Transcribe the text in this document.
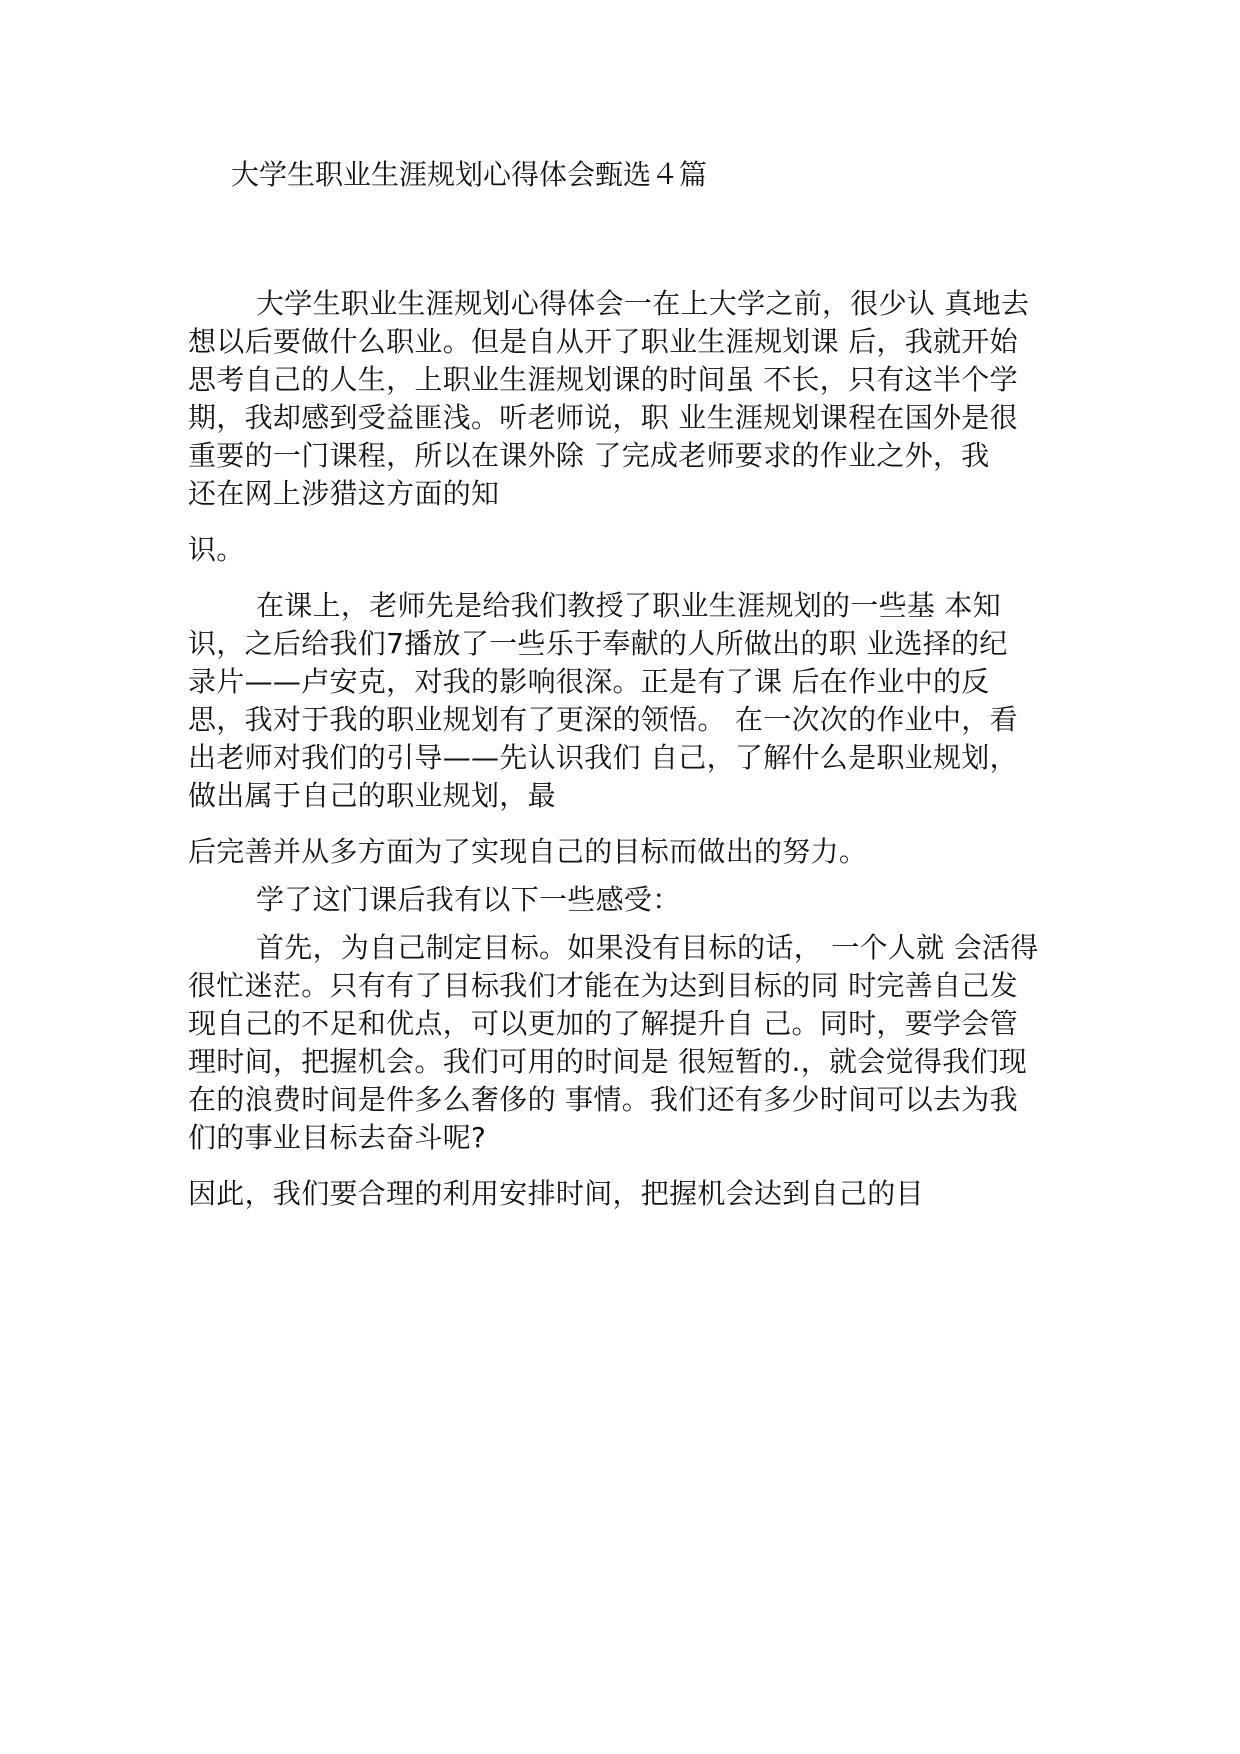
大学生职业生涯规划心得体会甄选４篇
大学生职业生涯规划心得体会一在上大学之前，很少认 真地去
想以后要做什么职业。但是自从开了职业生涯规划课 后，我就开始
思考自己的人生，上职业生涯规划课的时间虽 不长，只有这半个学
期，我却感到受益匪浅。听老师说，职 业生涯规划课程在国外是很
重要的一门课程，所以在课外除 了完成老师要求的作业之外，我
还在网上涉猎这方面的知
识。
在课上，老师先是给我们教授了职业生涯规划的一些基 本知
识，之后给我们7播放了一些乐于奉献的人所做出的职 业选择的纪
录片——卢安克，对我的影响很深。正是有了课 后在作业中的反
思，我对于我的职业规划有了更深的领悟。 在一次次的作业中，看
出老师对我们的引导——先认识我们 自己，了解什么是职业规划，
做出属于自己的职业规划，最
后完善并从多方面为了实现自己的目标而做出的努力。
学了这门课后我有以下一些感受：
首先，为自己制定目标。如果没有目标的话， 一个人就 会活得
很忙迷茫。只有有了目标我们才能在为达到目标的同 时完善自己发
现自己的不足和优点，可以更加的了解提升自 己。同时，要学会管
理时间，把握机会。我们可用的时间是 很短暂的.，就会觉得我们现
在的浪费时间是件多么奢侈的 事情。我们还有多少时间可以去为我
们的事业目标去奋斗呢?
因此，我们要合理的利用安排时间，把握机会达到自己的目
